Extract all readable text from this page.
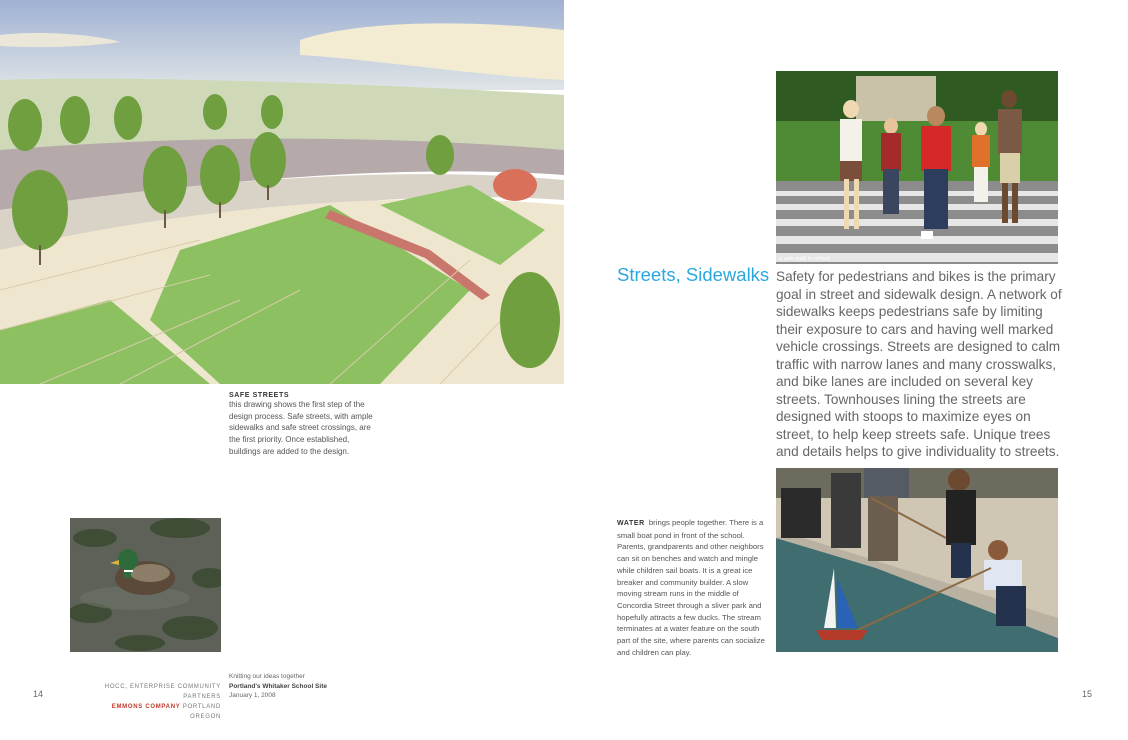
SAFE STREETS
this drawing shows the first step of the design process. Safe streets, with ample sidewalks and safe street crossings, are the first priority. Once established, buildings are added to the design.
HOCC, ENTERPRISE COMMUNITY PARTNERS
EMMONS COMPANY PORTLAND OREGON
Knitting our ideas together
Portland's Whitaker School Site
January 1, 2008
14
a safe walk to school
Streets, Sidewalks Safety for pedestrians and bikes is the primary goal in street and sidewalk design. A network of sidewalks keeps pedestrians safe by limiting their exposure to cars and having well marked vehicle crossings. Streets are designed to calm traffic with narrow lanes and many crosswalks, and bike lanes are included on several key streets. Townhouses lining the streets are designed with stoops to maximize eyes on street, to help keep streets safe. Unique trees and details helps to give individuality to streets.
WATER brings people together. There is a small boat pond in front of the school. Parents, grandparents and other neighbors can sit on benches and watch and mingle while children sail boats. It is a great ice breaker and community builder. A slow moving stream runs in the middle of Concordia Street through a sliver park and hopefully attracts a few ducks. The stream terminates at a water feature on the south part of the site, where parents can socialize and children can play.
15
